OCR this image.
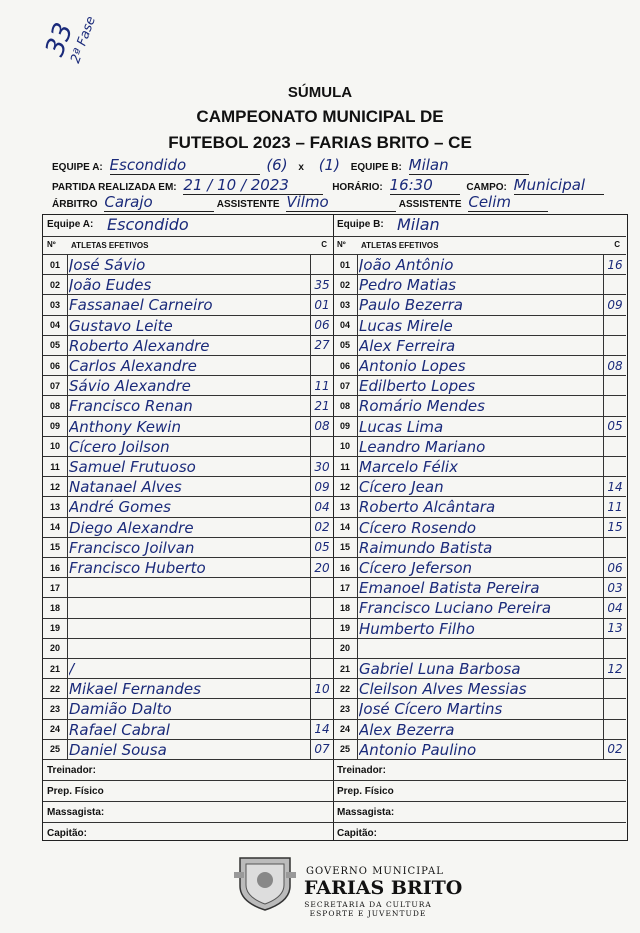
33
2ª Fase
SÚMULA
CAMPEONATO MUNICIPAL DE
FUTEBOL 2023 – FARIAS BRITO – CE
EQUIPE A: Escondido	(6) x (1) EQUIPE B: Milan
PARTIDA REALIZADA EM: 21 / 10 / 2023	HORÁRIO: 16:30	CAMPO: Municipal
ÁRBITRO Carajo	ASSISTENTE Vilmo	ASSISTENTE Celim
Equipe A: Escondido
Nº ATLETAS EFETIVOS	C
01 José Sávio
02 João Eudes	35
03 Fassanael Carneiro	01
04 Gustavo Leite	06
05 Roberto Alexandre	27
06 Carlos Alexandre
07 Sávio Alexandre	11
08 Francisco Renan	21
09 Anthony Kewin	08
10 Cícero Joilson
11 Samuel Frutuoso	30
12 Natanael Alves	09
13 André Gomes	04
14 Diego Alexandre	02
15 Francisco Joilvan	05
16 Francisco Huberto	20
17
18
19
20
21 /
22 Mikael Fernandes	10
23 Damião Dalto
24 Rafael Cabral	14
25 Daniel Sousa	07
Treinador:
Prep. Físico
Massagista:
Capitão:
Equipe B: Milan
Nº ATLETAS EFETIVOS	C
01 João Antônio	16
02 Pedro Matias
03 Paulo Bezerra	09
04 Lucas Mirele
05 Alex Ferreira
06 Antonio Lopes	08
07 Edilberto Lopes
08 Romário Mendes
09 Lucas Lima	05
10 Leandro Mariano
11 Marcelo Félix
12 Cícero Jean	14
13 Roberto Alcântara	11
14 Cícero Rosendo	15
15 Raimundo Batista
16 Cícero Jeferson	06
17 Emanoel Batista Pereira	03
18 Francisco Luciano Pereira	04
19 Humberto Filho	13
20
21 Gabriel Luna Barbosa	12
22 Cleilson Alves Messias
23 José Cícero Martins
24 Alex Bezerra
25 Antonio Paulino	02
Treinador:
Prep. Físico
Massagista:
Capitão:
GOVERNO MUNICIPAL
FARIAS BRITO
SECRETARIA DA CULTURA ESPORTE E JUVENTUDE
